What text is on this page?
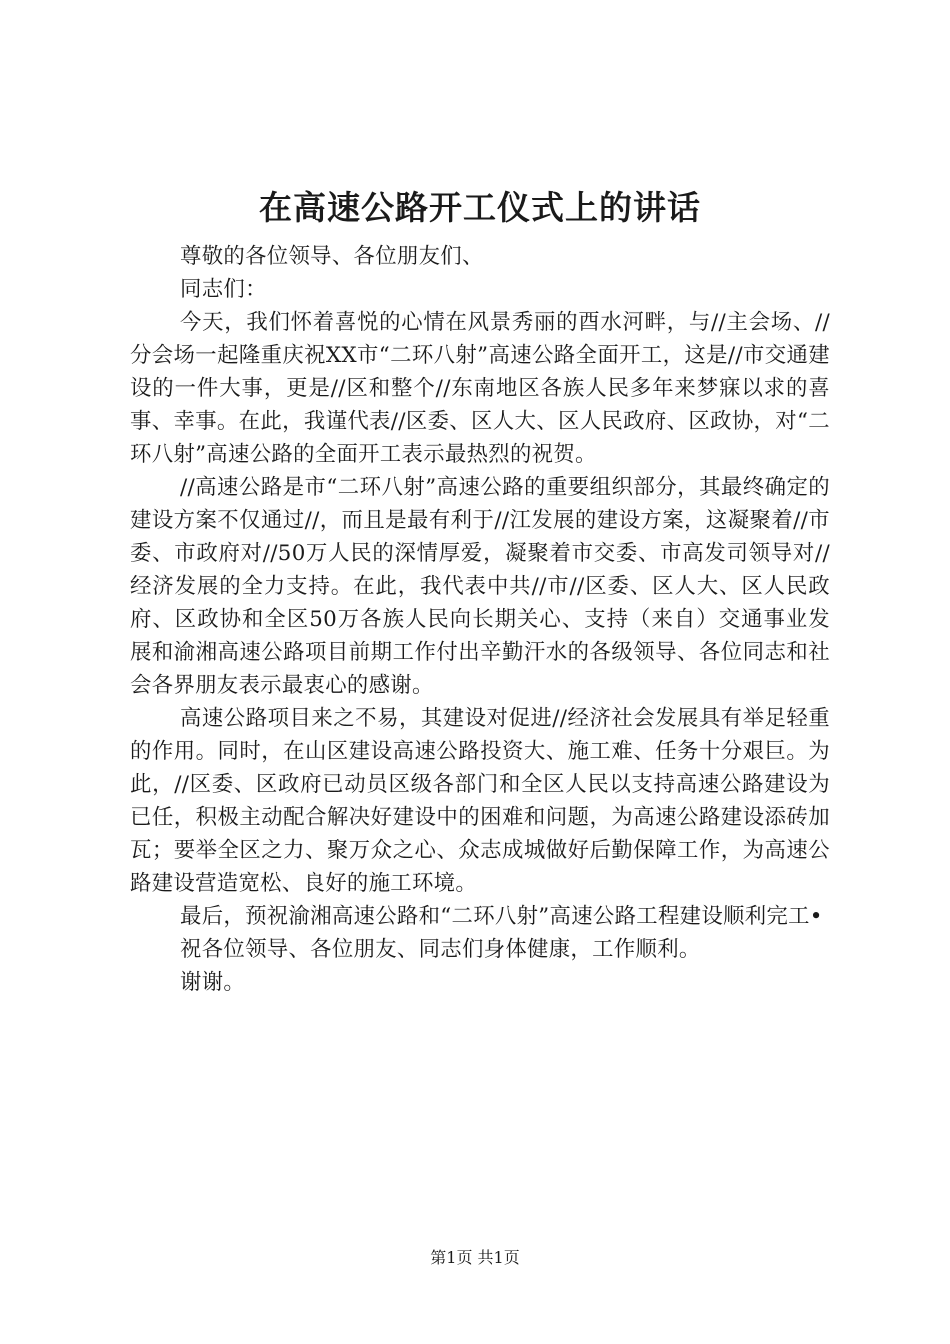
在高速公路开工仪式上的讲话

尊敬的各位领导、各位朋友们、

同志们：

今天，我们怀着喜悦的心情在风景秀丽的酉水河畔，与//主会场、//分会场一起隆重庆祝XX市“二环八射”高速公路全面开工，这是//市交通建设的一件大事，更是//区和整个//东南地区各族人民多年来梦寐以求的喜事、幸事。在此，我谨代表//区委、区人大、区人民政府、区政协，对“二环八射”高速公路的全面开工表示最热烈的祝贺。

//高速公路是市“二环八射”高速公路的重要组织部分，其最终确定的建设方案不仅通过//，而且是最有利于//江发展的建设方案，这凝聚着//市委、市政府对//50万人民的深情厚爱，凝聚着市交委、市高发司领导对//经济发展的全力支持。在此，我代表中共//市//区委、区人大、区人民政府、区政协和全区50万各族人民向长期关心、支持（来自）交通事业发展和渝湘高速公路项目前期工作付出辛勤汗水的各级领导、各位同志和社会各界朋友表示最衷心的感谢。

高速公路项目来之不易，其建设对促进//经济社会发展具有举足轻重的作用。同时，在山区建设高速公路投资大、施工难、任务十分艰巨。为此，//区委、区政府已动员区级各部门和全区人民以支持高速公路建设为已任，积极主动配合解决好建设中的困难和问题，为高速公路建设添砖加瓦；要举全区之力、聚万众之心、众志成城做好后勤保障工作，为高速公路建设营造宽松、良好的施工环境。

最后，预祝渝湘高速公路和“二环八射”高速公路工程建设顺利完工•

祝各位领导、各位朋友、同志们身体健康，工作顺利。

谢谢。

第1页 共1页
